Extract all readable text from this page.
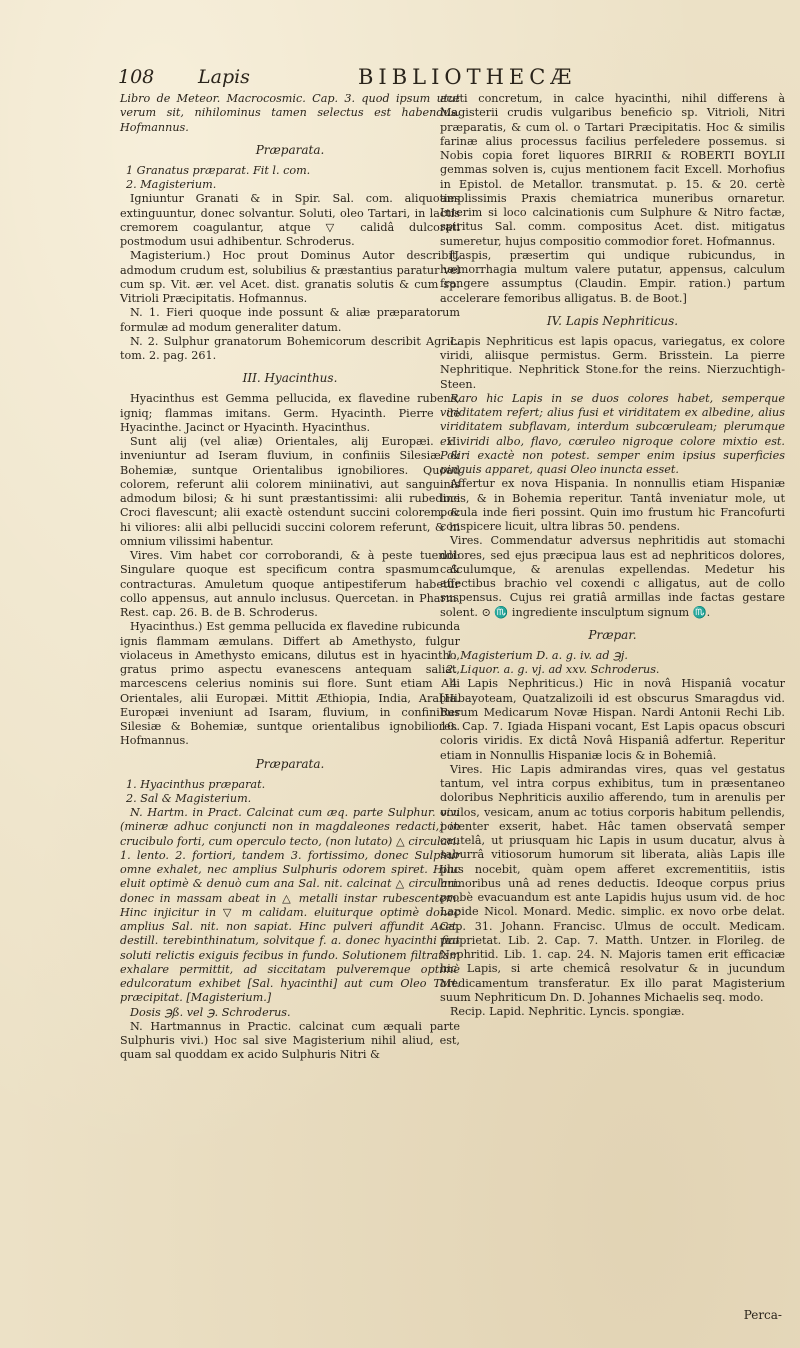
108 Lapis	BIBLIOTHECÆ

Libro de Meteor. Macrocosmic. Cap. 3. quod ipsum utut verum sit, nihilominus tamen selectus est habendus. Hofmannus.

Præparata.

1 Granatus præparat. Fit l. com.

2. Magisterium.

Igniuntur Granati & in Spir. Sal. com. aliquoties extinguuntur, donec solvantur. Soluti, oleo Tartari, in lactis cremorem coagulantur, atque ▽ calidâ dulcorati postmodum usui adhibentur. Schroderus.

Magisterium.) Hoc prout Dominus Autor describit, admodum crudum est, solubilius & præstantius paratur vel cum sp. Vit. ær. vel Acet. dist. granatis solutis & cum sp. Vitrioli Præcipitatis. Hofmannus.

N. 1. Fieri quoque inde possunt & aliæ præparatorum formulæ ad modum generaliter datum.

N. 2. Sulphur granatorum Bohemicorum describit Agric. tom. 2. pag. 261.

III. Hyacinthus.

Hyacinthus est Gemma pellucida, ex flavedine rubens, igniq; flammas imitans. Germ. Hyacinth. Pierre de Hyacinthe. Jacinct or Hyacinth. Hyacinthus.

Sunt alij (vel aliæ) Orientales, alij Europæi. Hi inveniuntur ad Iseram fluvium, in confiniis Silesiæ & Bohemiæ, suntque Orientalibus ignobiliores. Quoad colorem, referunt alii colorem miniinativi, aut sanguinis admodum bilosi; & hi sunt præstantissimi: alii rubedine Croci flavescunt; alii exactè ostendunt succini colorem, & hi viliores: alii albi pellucidi succini colorem referunt, & hi omnium vilissimi habentur.

Vires. Vim habet cor corroborandi, & à peste tuendi: Singulare quoque est specificum contra spasmum & contracturas. Amuletum quoque antipestiferum habetur collo appensus, aut annulo inclusus. Quercetan. in Pharm. Rest. cap. 26. B. de B. Schroderus.

Hyacinthus.) Est gemma pellucida ex flavedine rubicunda ignis flammam æmulans. Differt ab Amethysto, fulgur violaceus in Amethysto emicans, dilutus est in hyacintho, gratus primo aspectu evanescens antequam saliat, marcescens celerius nominis sui flore. Sunt etiam Alii Orientales, alii Europæi. Mittit Æthiopia, India, Arabia. Europæi inveniunt ad Isaram, fluvium, in confinibus Silesiæ & Bohemiæ, suntque orientalibus ignobiliores. Hofmannus.

Præparata.

1. Hyacinthus præparat.

2. Sal & Magisterium.

N. Hartm. in Pract. Calcinat cum æq. parte Sulphur. vivi (mineræ adhuc conjuncti non in magdaleones redacti,) in crucibulo forti, cum operculo tecto, (non lutato) △ circulari: 1. lento. 2. fortiori, tandem 3. fortissimo, donec Sulphur omne exhalet, nec amplius Sulphuris odorem spiret. Hinc eluit optimè & denuò cum ana Sal. nit. calcinat △ circulari. donec in massam abeat in △ metalli instar rubescentem. Hinc injicitur in ▽ m calidam. eluiturque optimè donec amplius Sal. nit. non sapiat. Hinc pulveri affundit Acet. destill. terebinthinatum, solvitque f. a. donec hyacinthi fiat soluti relictis exiguis fecibus in fundo. Solutionem filtratam exhalare permittit, ad siccitatam pulveremque optimè edulcoratum exhibet [Sal. hyacinthi] aut cum Oleo Tart. præcipitat. [Magisterium.]

Dosis ℈ß. vel ℈. Schroderus.

N. Hartmannus in Practic. calcinat cum æquali parte Sulphuris vivi.) Hoc sal sive Magisterium nihil aliud, est, quam sal quoddam ex acido Sulphuris Nitri &

aceti concretum, in calce hyacinthi, nihil differens à Magisterii crudis vulgaribus beneficio sp. Vitrioli, Nitri præparatis, & cum ol. o Tartari Præcipitatis. Hoc & similis farinæ alius processus facilius perfeledere possemus. si Nobis copia foret liquores BIRRII & ROBERTI BOYLII gemmas solven is, cujus mentionem facit Excell. Morhofius in Epistol. de Metallor. transmutat. p. 15. & 20. certè amplissimis Praxis chemiatrica muneribus ornaretur. Interim si loco calcinationis cum Sulphure & Nitro factæ, spiritus Sal. comm. compositus Acet. dist. mitigatus sumeretur, hujus compositio commodior foret. Hofmannus.

[Jaspis, præsertim qui undique rubicundus, in hæmorrhagia multum valere putatur, appensus, calculum frangere assumptus (Claudin. Empir. ration.) partum accelerare femoribus alligatus. B. de Boot.]

IV. Lapis Nephriticus.

Lapis Nephriticus est lapis opacus, variegatus, ex colore viridi, aliisque permistus. Germ. Brisstein. La pierre Nephritique. Nephritick Stone.for the reins. Nierzuchtigh-Steen.

Raro hic Lapis in se duos colores habet, semperque viriditatem refert; alius fusi et viriditatem ex albedine, alius viriditatem subflavam, interdum subcœruleam; plerumque ex viridi albo, flavo, cœruleo nigroque colore mixtio est. Poliri exactè non potest. semper enim ipsius superficies pinguis apparet, quasi Oleo inuncta esset.

Affertur ex nova Hispania. In nonnullis etiam Hispaniæ locis, & in Bohemia reperitur. Tantâ inveniatur mole, ut pocula inde fieri possint. Quin imo frustum hic Francofurti conspicere licuit, ultra libras 50. pendens.

Vires. Commendatur adversus nephritidis aut stomachi dolores, sed ejus præcipua laus est ad nephriticos dolores, calculumque, & arenulas expellendas. Medetur his affectibus brachio vel coxendi c alligatus, aut de collo suspensus. Cujus rei gratiâ armillas inde factas gestare solent. ⊙ ♏ ingrediente insculptum signum ♏.

Præpar.

1. Magisterium D. a. g. iv. ad ℈j.

2. Liquor. a. g. vj. ad xxv. Schroderus.

4 Lapis Nephriticus.) Hic in novâ Hispaniâ vocatur [Hibayoteam, Quatzalizoili id est obscurus Smaragdus vid. Rerum Medicarum Novæ Hispan. Nardi Antonii Rechi Lib. 10. Cap. 7. Igiada Hispani vocant, Est Lapis opacus obscuri coloris viridis. Ex dictâ Novâ Hispaniâ adfertur. Reperitur etiam in Nonnullis Hispaniæ locis & in Bohemiâ.

Vires. Hic Lapis admirandas vires, quas vel gestatus tantum, vel intra corpus exhibitus, tum in præsentaneo doloribus Nephriticis auxilio afferendo, tum in arenulis per oculos, vesicam, anum ac totius corporis habitum pellendis, potenter exserit, habet. Hâc tamen observatâ semper cautelâ, ut priusquam hic Lapis in usum ducatur, alvus à saburrâ vitiosorum humorum sit liberata, aliàs Lapis ille plus nocebit, quàm opem afferet excrementitiis, istis humoribus unâ ad renes deductis. Ideoque corpus prius probè evacuandum est ante Lapidis hujus usum vid. de hoc Lapide Nicol. Monard. Medic. simplic. ex novo orbe delat. Cap. 31. Johann. Francisc. Ulmus de occult. Medicam. proprietat. Lib. 2. Cap. 7. Matth. Untzer. in Florileg. de Nephritid. Lib. 1. cap. 24. N. Majoris tamen erit efficaciæ hic Lapis, si arte chemicâ resolvatur & in jucundum Medicamentum transferatur. Ex illo parat Magisterium suum Nephriticum Dn. D. Johannes Michaelis seq. modo.

Recip. Lapid. Nephritic. Lyncis. spongiæ.

Perca-
